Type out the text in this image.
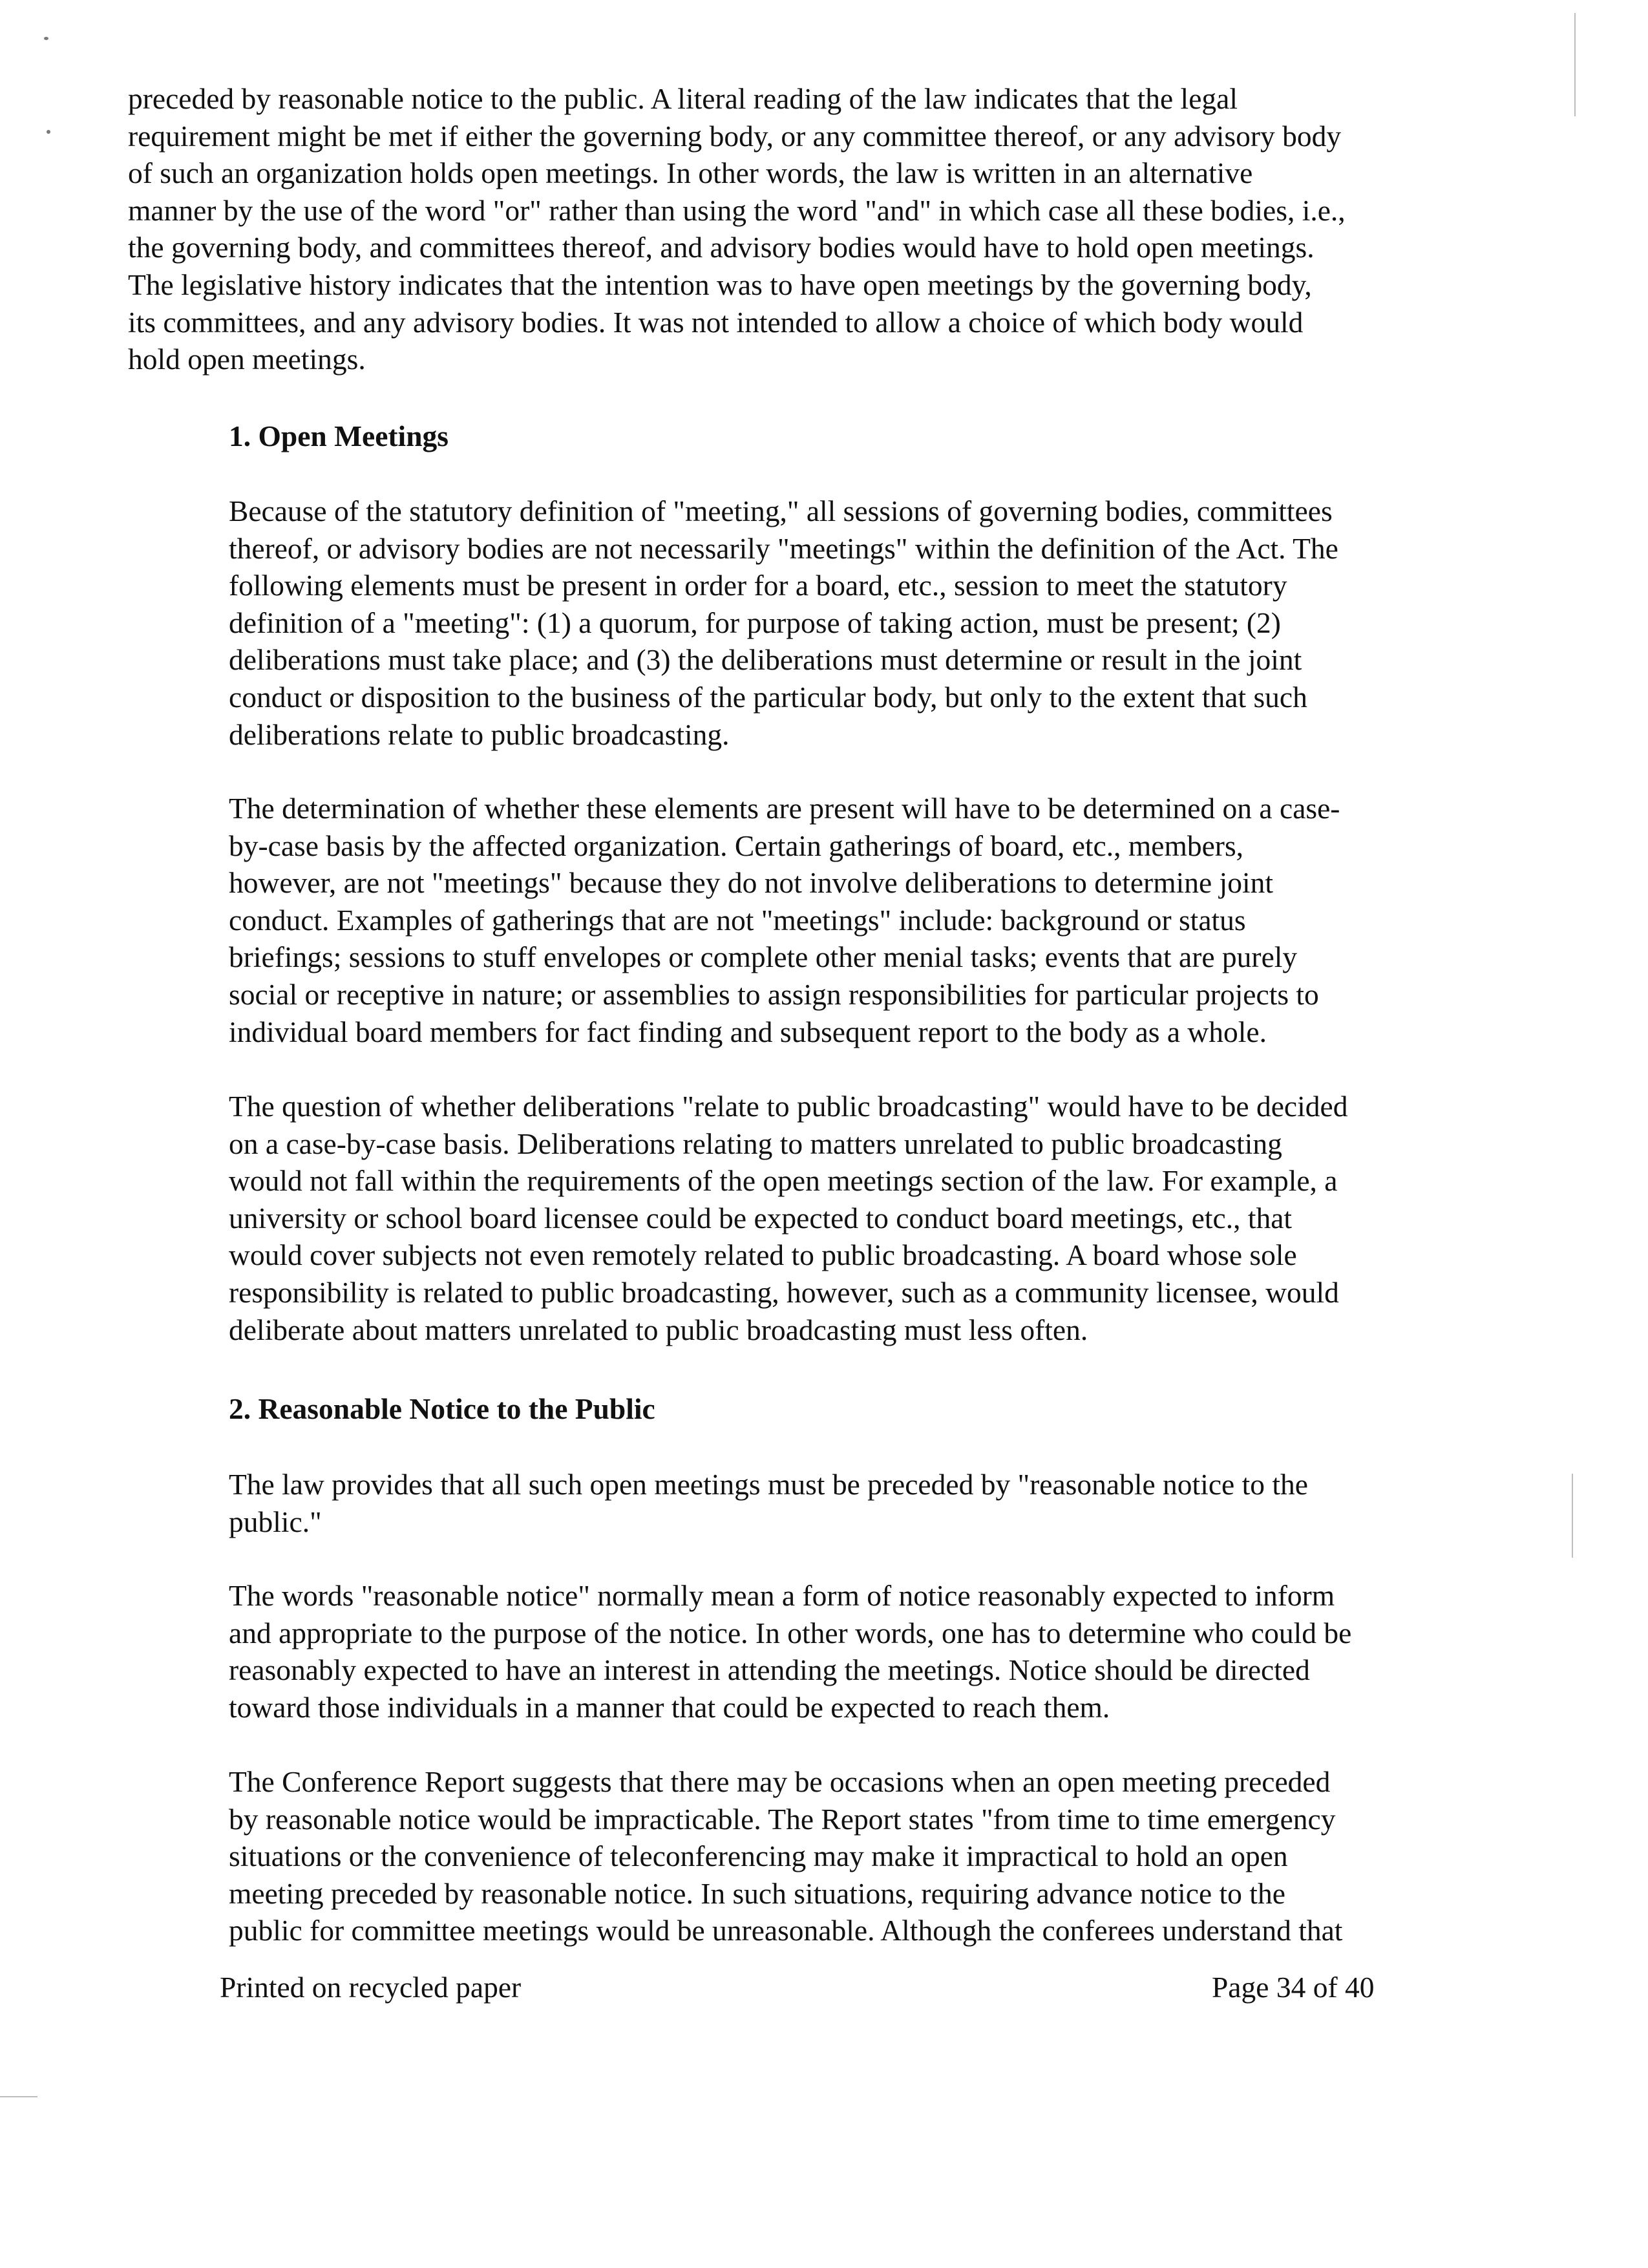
preceded by reasonable notice to the public. A literal reading of the law indicates that the legal
requirement might be met if either the governing body, or any committee thereof, or any advisory body
of such an organization holds open meetings. In other words, the law is written in an alternative
manner by the use of the word "or" rather than using the word "and" in which case all these bodies, i.e.,
the governing body, and committees thereof, and advisory bodies would have to hold open meetings.
The legislative history indicates that the intention was to have open meetings by the governing body,
its committees, and any advisory bodies. It was not intended to allow a choice of which body would
hold open meetings.
1. Open Meetings
Because of the statutory definition of "meeting," all sessions of governing bodies, committees
thereof, or advisory bodies are not necessarily "meetings" within the definition of the Act. The
following elements must be present in order for a board, etc., session to meet the statutory
definition of a "meeting": (1) a quorum, for purpose of taking action, must be present; (2)
deliberations must take place; and (3) the deliberations must determine or result in the joint
conduct or disposition to the business of the particular body, but only to the extent that such
deliberations relate to public broadcasting.
The determination of whether these elements are present will have to be determined on a case-
by-case basis by the affected organization. Certain gatherings of board, etc., members,
however, are not "meetings" because they do not involve deliberations to determine joint
conduct. Examples of gatherings that are not "meetings" include: background or status
briefings; sessions to stuff envelopes or complete other menial tasks; events that are purely
social or receptive in nature; or assemblies to assign responsibilities for particular projects to
individual board members for fact finding and subsequent report to the body as a whole.
The question of whether deliberations "relate to public broadcasting" would have to be decided
on a case-by-case basis. Deliberations relating to matters unrelated to public broadcasting
would not fall within the requirements of the open meetings section of the law. For example, a
university or school board licensee could be expected to conduct board meetings, etc., that
would cover subjects not even remotely related to public broadcasting. A board whose sole
responsibility is related to public broadcasting, however, such as a community licensee, would
deliberate about matters unrelated to public broadcasting must less often.
2. Reasonable Notice to the Public
The law provides that all such open meetings must be preceded by "reasonable notice to the
public."
The words "reasonable notice" normally mean a form of notice reasonably expected to inform
and appropriate to the purpose of the notice. In other words, one has to determine who could be
reasonably expected to have an interest in attending the meetings. Notice should be directed
toward those individuals in a manner that could be expected to reach them.
The Conference Report suggests that there may be occasions when an open meeting preceded
by reasonable notice would be impracticable. The Report states "from time to time emergency
situations or the convenience of teleconferencing may make it impractical to hold an open
meeting preceded by reasonable notice. In such situations, requiring advance notice to the
public for committee meetings would be unreasonable. Although the conferees understand that
Printed on recycled paper	Page 34 of 40
